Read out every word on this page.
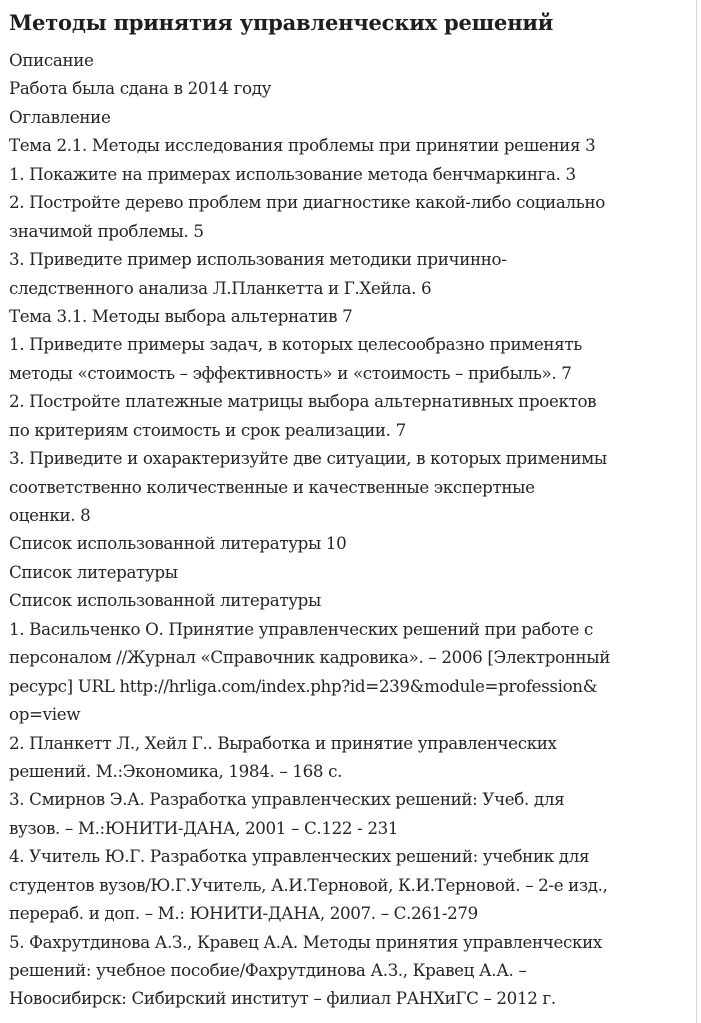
Методы принятия управленческих решений
Описание
Работа была сдана в 2014 году
Оглавление
Тема 2.1. Методы исследования проблемы при принятии решения 3
1. Покажите на примерах использование метода бенчмаркинга. 3
2. Постройте дерево проблем при диагностике какой-либо социально
значимой проблемы. 5
3. Приведите пример использования методики причинно-
следственного анализа Л.Планкетта и Г.Хейла. 6
Тема 3.1. Методы выбора альтернатив 7
1. Приведите примеры задач, в которых целесообразно применять
методы «стоимость – эффективность» и «стоимость – прибыль». 7
2. Постройте платежные матрицы выбора альтернативных проектов
по критериям стоимость и срок реализации. 7
3. Приведите и охарактеризуйте две ситуации, в которых применимы
соответственно количественные и качественные экспертные
оценки. 8
Список использованной литературы 10
Список литературы
Список использованной литературы
1. Васильченко О. Принятие управленческих решений при работе с
персоналом //Журнал «Справочник кадровика». – 2006 [Электронный
ресурс] URL http://hrliga.com/index.php?id=239&module=profession&
op=view
2. Планкетт Л., Хейл Г.. Выработка и принятие управленческих
решений. М.:Экономика, 1984. – 168 с.
3. Смирнов Э.А. Разработка управленческих решений: Учеб. для
вузов. – М.:ЮНИТИ-ДАНА, 2001 – С.122 - 231
4. Учитель Ю.Г. Разработка управленческих решений: учебник для
студентов вузов/Ю.Г.Учитель, А.И.Терновой, К.И.Терновой. – 2-е изд.,
перераб. и доп. – М.: ЮНИТИ-ДАНА, 2007. – С.261-279
5. Фахрутдинова А.З., Кравец А.А. Методы принятия управленческих
решений: учебное пособие/Фахрутдинова А.З., Кравец А.А. –
Новосибирск: Сибирский институт – филиал РАНХиГС – 2012 г.
